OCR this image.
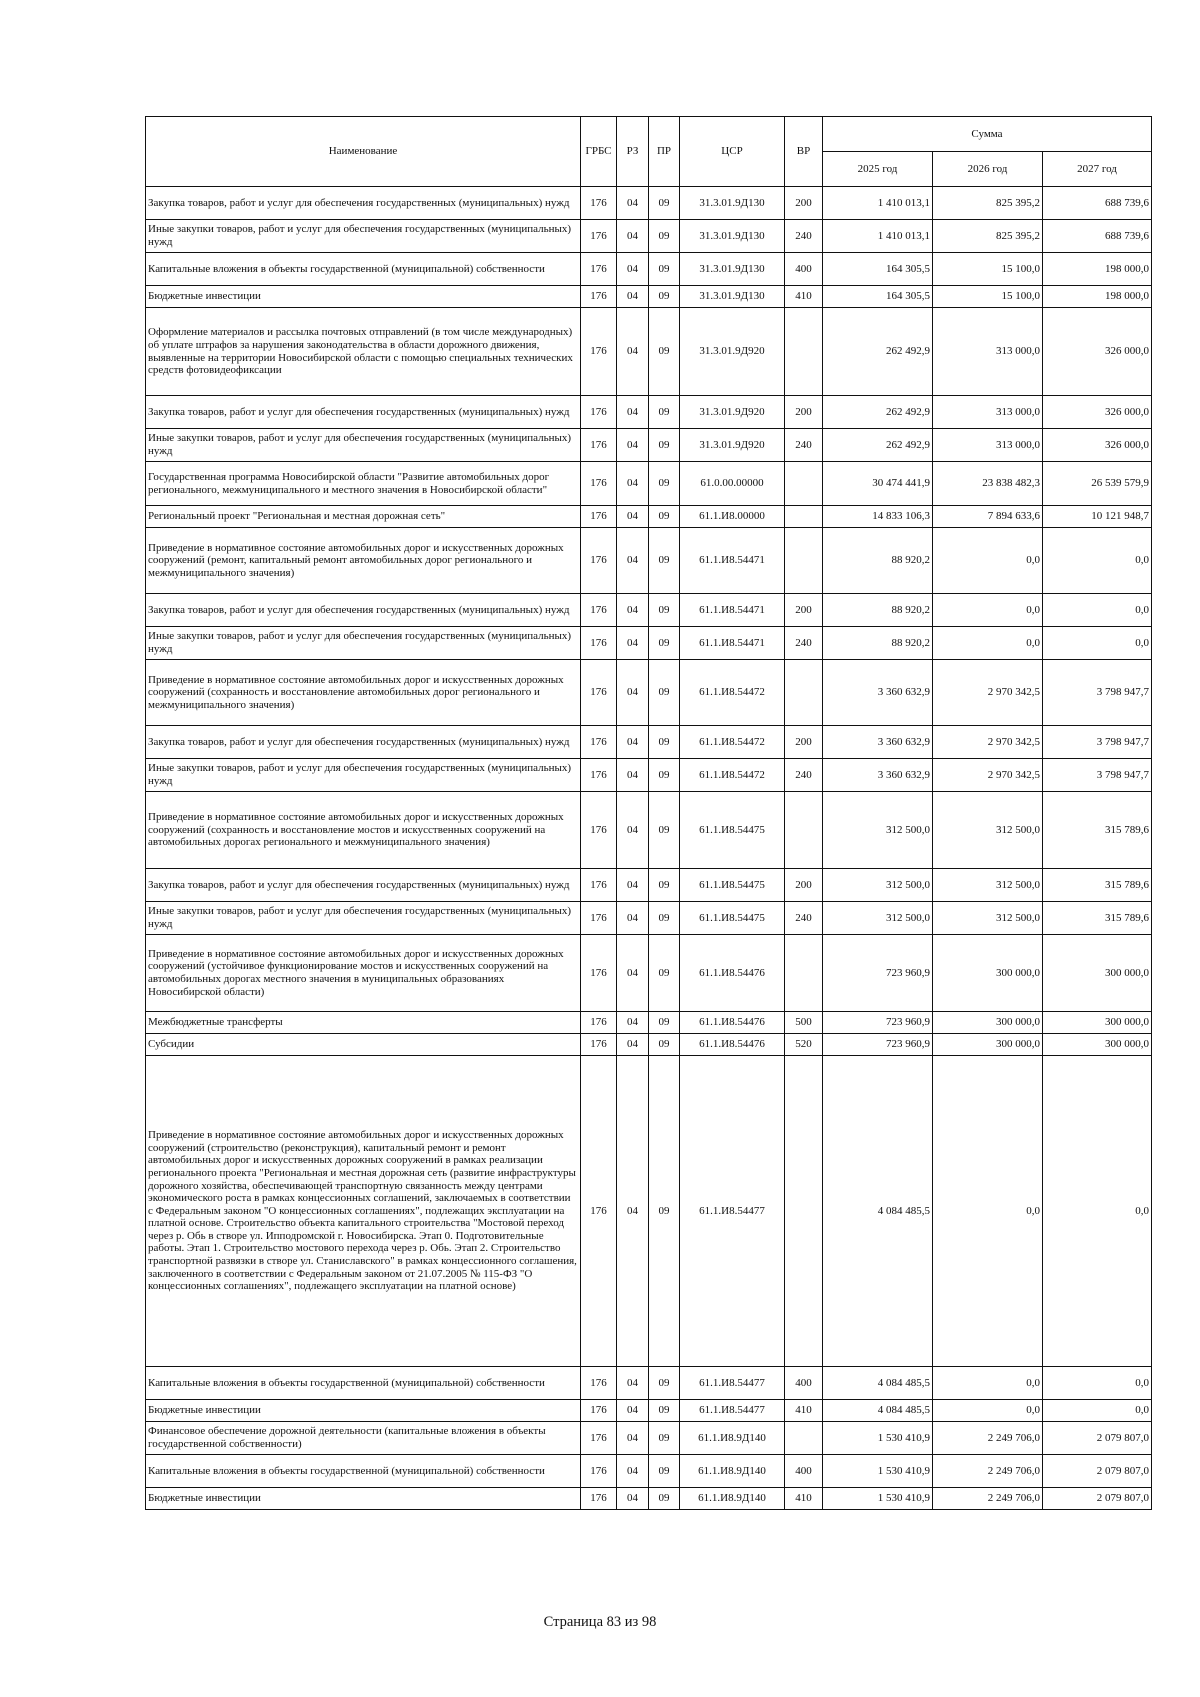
Наименование	ГРБС	РЗ	ПР	ЦСР	ВР	Сумма		
						2025 год	2026 год	2027 год
Закупка товаров, работ и услуг для обеспечения государственных (муниципальных) нужд	176	04	09	31.3.01.9Д130	200	1 410 013,1	825 395,2	688 739,6
Иные закупки товаров, работ и услуг для обеспечения государственных (муниципальных) нужд	176	04	09	31.3.01.9Д130	240	1 410 013,1	825 395,2	688 739,6
Капитальные вложения в объекты государственной (муниципальной) собственности	176	04	09	31.3.01.9Д130	400	164 305,5	15 100,0	198 000,0
Бюджетные инвестиции	176	04	09	31.3.01.9Д130	410	164 305,5	15 100,0	198 000,0
Оформление материалов и рассылка почтовых отправлений (в том числе международных) об уплате штрафов за нарушения законодательства в области дорожного движения, выявленные на территории Новосибирской области с помощью специальных технических средств фотовидеофиксации	176	04	09	31.3.01.9Д920		262 492,9	313 000,0	326 000,0
Закупка товаров, работ и услуг для обеспечения государственных (муниципальных) нужд	176	04	09	31.3.01.9Д920	200	262 492,9	313 000,0	326 000,0
Иные закупки товаров, работ и услуг для обеспечения государственных (муниципальных) нужд	176	04	09	31.3.01.9Д920	240	262 492,9	313 000,0	326 000,0
Государственная программа Новосибирской области "Развитие автомобильных дорог регионального, межмуниципального и местного значения в Новосибирской области"	176	04	09	61.0.00.00000		30 474 441,9	23 838 482,3	26 539 579,9
Региональный проект "Региональная и местная дорожная сеть"	176	04	09	61.1.И8.00000		14 833 106,3	7 894 633,6	10 121 948,7
Приведение в нормативное состояние автомобильных дорог и искусственных дорожных сооружений (ремонт, капитальный ремонт автомобильных дорог регионального и межмуниципального значения)	176	04	09	61.1.И8.54471		88 920,2	0,0	0,0
Закупка товаров, работ и услуг для обеспечения государственных (муниципальных) нужд	176	04	09	61.1.И8.54471	200	88 920,2	0,0	0,0
Иные закупки товаров, работ и услуг для обеспечения государственных (муниципальных) нужд	176	04	09	61.1.И8.54471	240	88 920,2	0,0	0,0
Приведение в нормативное состояние автомобильных дорог и искусственных дорожных сооружений (сохранность и восстановление автомобильных дорог регионального и межмуниципального значения)	176	04	09	61.1.И8.54472		3 360 632,9	2 970 342,5	3 798 947,7
Закупка товаров, работ и услуг для обеспечения государственных (муниципальных) нужд	176	04	09	61.1.И8.54472	200	3 360 632,9	2 970 342,5	3 798 947,7
Иные закупки товаров, работ и услуг для обеспечения государственных (муниципальных) нужд	176	04	09	61.1.И8.54472	240	3 360 632,9	2 970 342,5	3 798 947,7
Приведение в нормативное состояние автомобильных дорог и искусственных дорожных сооружений (сохранность и восстановление мостов и искусственных сооружений на автомобильных дорогах регионального и межмуниципального значения)	176	04	09	61.1.И8.54475		312 500,0	312 500,0	315 789,6
Закупка товаров, работ и услуг для обеспечения государственных (муниципальных) нужд	176	04	09	61.1.И8.54475	200	312 500,0	312 500,0	315 789,6
Иные закупки товаров, работ и услуг для обеспечения государственных (муниципальных) нужд	176	04	09	61.1.И8.54475	240	312 500,0	312 500,0	315 789,6
Приведение в нормативное состояние автомобильных дорог и искусственных дорожных сооружений (устойчивое функционирование мостов и искусственных сооружений на автомобильных дорогах местного значения в муниципальных образованиях Новосибирской области)	176	04	09	61.1.И8.54476		723 960,9	300 000,0	300 000,0
Межбюджетные трансферты	176	04	09	61.1.И8.54476	500	723 960,9	300 000,0	300 000,0
Субсидии	176	04	09	61.1.И8.54476	520	723 960,9	300 000,0	300 000,0
Приведение в нормативное состояние автомобильных дорог и искусственных дорожных сооружений (строительство (реконструкция), капитальный ремонт и ремонт автомобильных дорог и искусственных дорожных сооружений в рамках реализации регионального проекта "Региональная и местная дорожная сеть (развитие инфраструктуры дорожного хозяйства, обеспечивающей транспортную связанность между центрами экономического роста в рамках концессионных соглашений, заключаемых в соответствии с Федеральным законом "О концессионных соглашениях", подлежащих эксплуатации на платной основе. Строительство объекта капитального строительства "Мостовой переход через р. Обь в створе ул. Ипподромской г. Новосибирска. Этап 0. Подготовительные работы. Этап 1. Строительство мостового перехода через р. Обь. Этап 2. Строительство транспортной развязки в створе ул. Станиславского" в рамках концессионного соглашения, заключенного в соответствии с Федеральным законом от 21.07.2005 № 115-ФЗ "О концессионных соглашениях", подлежащего эксплуатации на платной основе)	176	04	09	61.1.И8.54477		4 084 485,5	0,0	0,0
Капитальные вложения в объекты государственной (муниципальной) собственности	176	04	09	61.1.И8.54477	400	4 084 485,5	0,0	0,0
Бюджетные инвестиции	176	04	09	61.1.И8.54477	410	4 084 485,5	0,0	0,0
Финансовое обеспечение дорожной деятельности (капитальные вложения в объекты государственной собственности)	176	04	09	61.1.И8.9Д140		1 530 410,9	2 249 706,0	2 079 807,0
Капитальные вложения в объекты государственной (муниципальной) собственности	176	04	09	61.1.И8.9Д140	400	1 530 410,9	2 249 706,0	2 079 807,0
Бюджетные инвестиции	176	04	09	61.1.И8.9Д140	410	1 530 410,9	2 249 706,0	2 079 807,0
Страница 83 из 98
